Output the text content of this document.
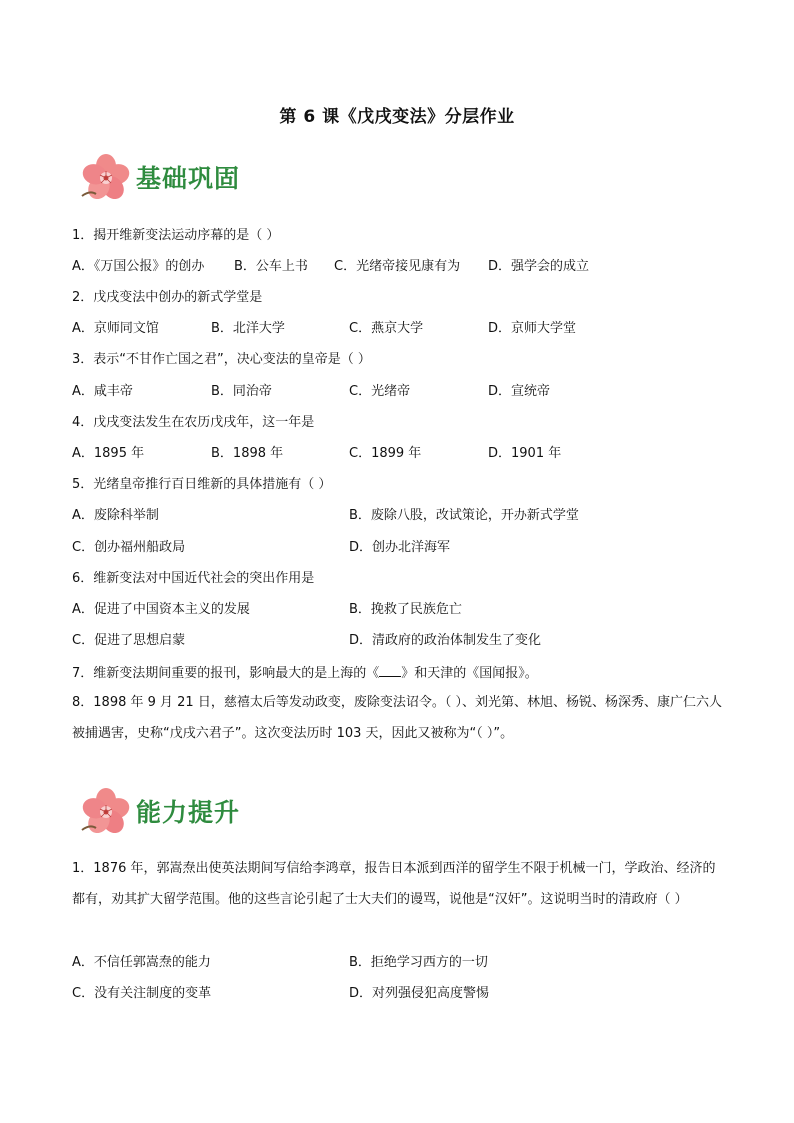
第 6 课《戊戌变法》分层作业
基础巩固
1．揭开维新变法运动序幕的是（ ）
A．《万国公报》的创办 B．公车上书 C．光绪帝接见康有为 D．强学会的成立
2．戊戌变法中创办的新式学堂是
A．京师同文馆	B．北洋大学	C．燕京大学	D．京师大学堂
3．表示“不甘作亡国之君”，决心变法的皇帝是（ ）
A．咸丰帝	B．同治帝	C．光绪帝	D．宣统帝
4．戊戌变法发生在农历戊戌年，这一年是
A．1895 年	B．1898 年	C．1899 年	D．1901 年
5．光绪皇帝推行百日维新的具体措施有（ ）
A．废除科举制	B．废除八股，改试策论，开办新式学堂
C．创办福州船政局	D．创办北洋海军
6．维新变法对中国近代社会的突出作用是
A．促进了中国资本主义的发展	B．挽救了民族危亡
C．促进了思想启蒙	D．清政府的政治体制发生了变化
7．维新变法期间重要的报刊，影响最大的是上海的《 》和天津的《国闻报》。
8．1898 年 9 月 21 日，慈禧太后等发动政变，废除变法诏令。（ ）、刘光第、林旭、杨锐、杨深秀、康广仁六人被捕遇害，史称“戊戌六君子”。这次变法历时 103 天，因此又被称为“（ ）”。
能力提升
1．1876 年，郭嵩焘出使英法期间写信给李鸿章，报告日本派到西洋的留学生不限于机械一门，学政治、经济的都有，劝其扩大留学范围。他的这些言论引起了士大夫们的谩骂，说他是“汉奸”。这说明当时的清政府（ ）
A．不信任郭嵩焘的能力	B．拒绝学习西方的一切
C．没有关注制度的变革	D．对列强侵犯高度警惕
